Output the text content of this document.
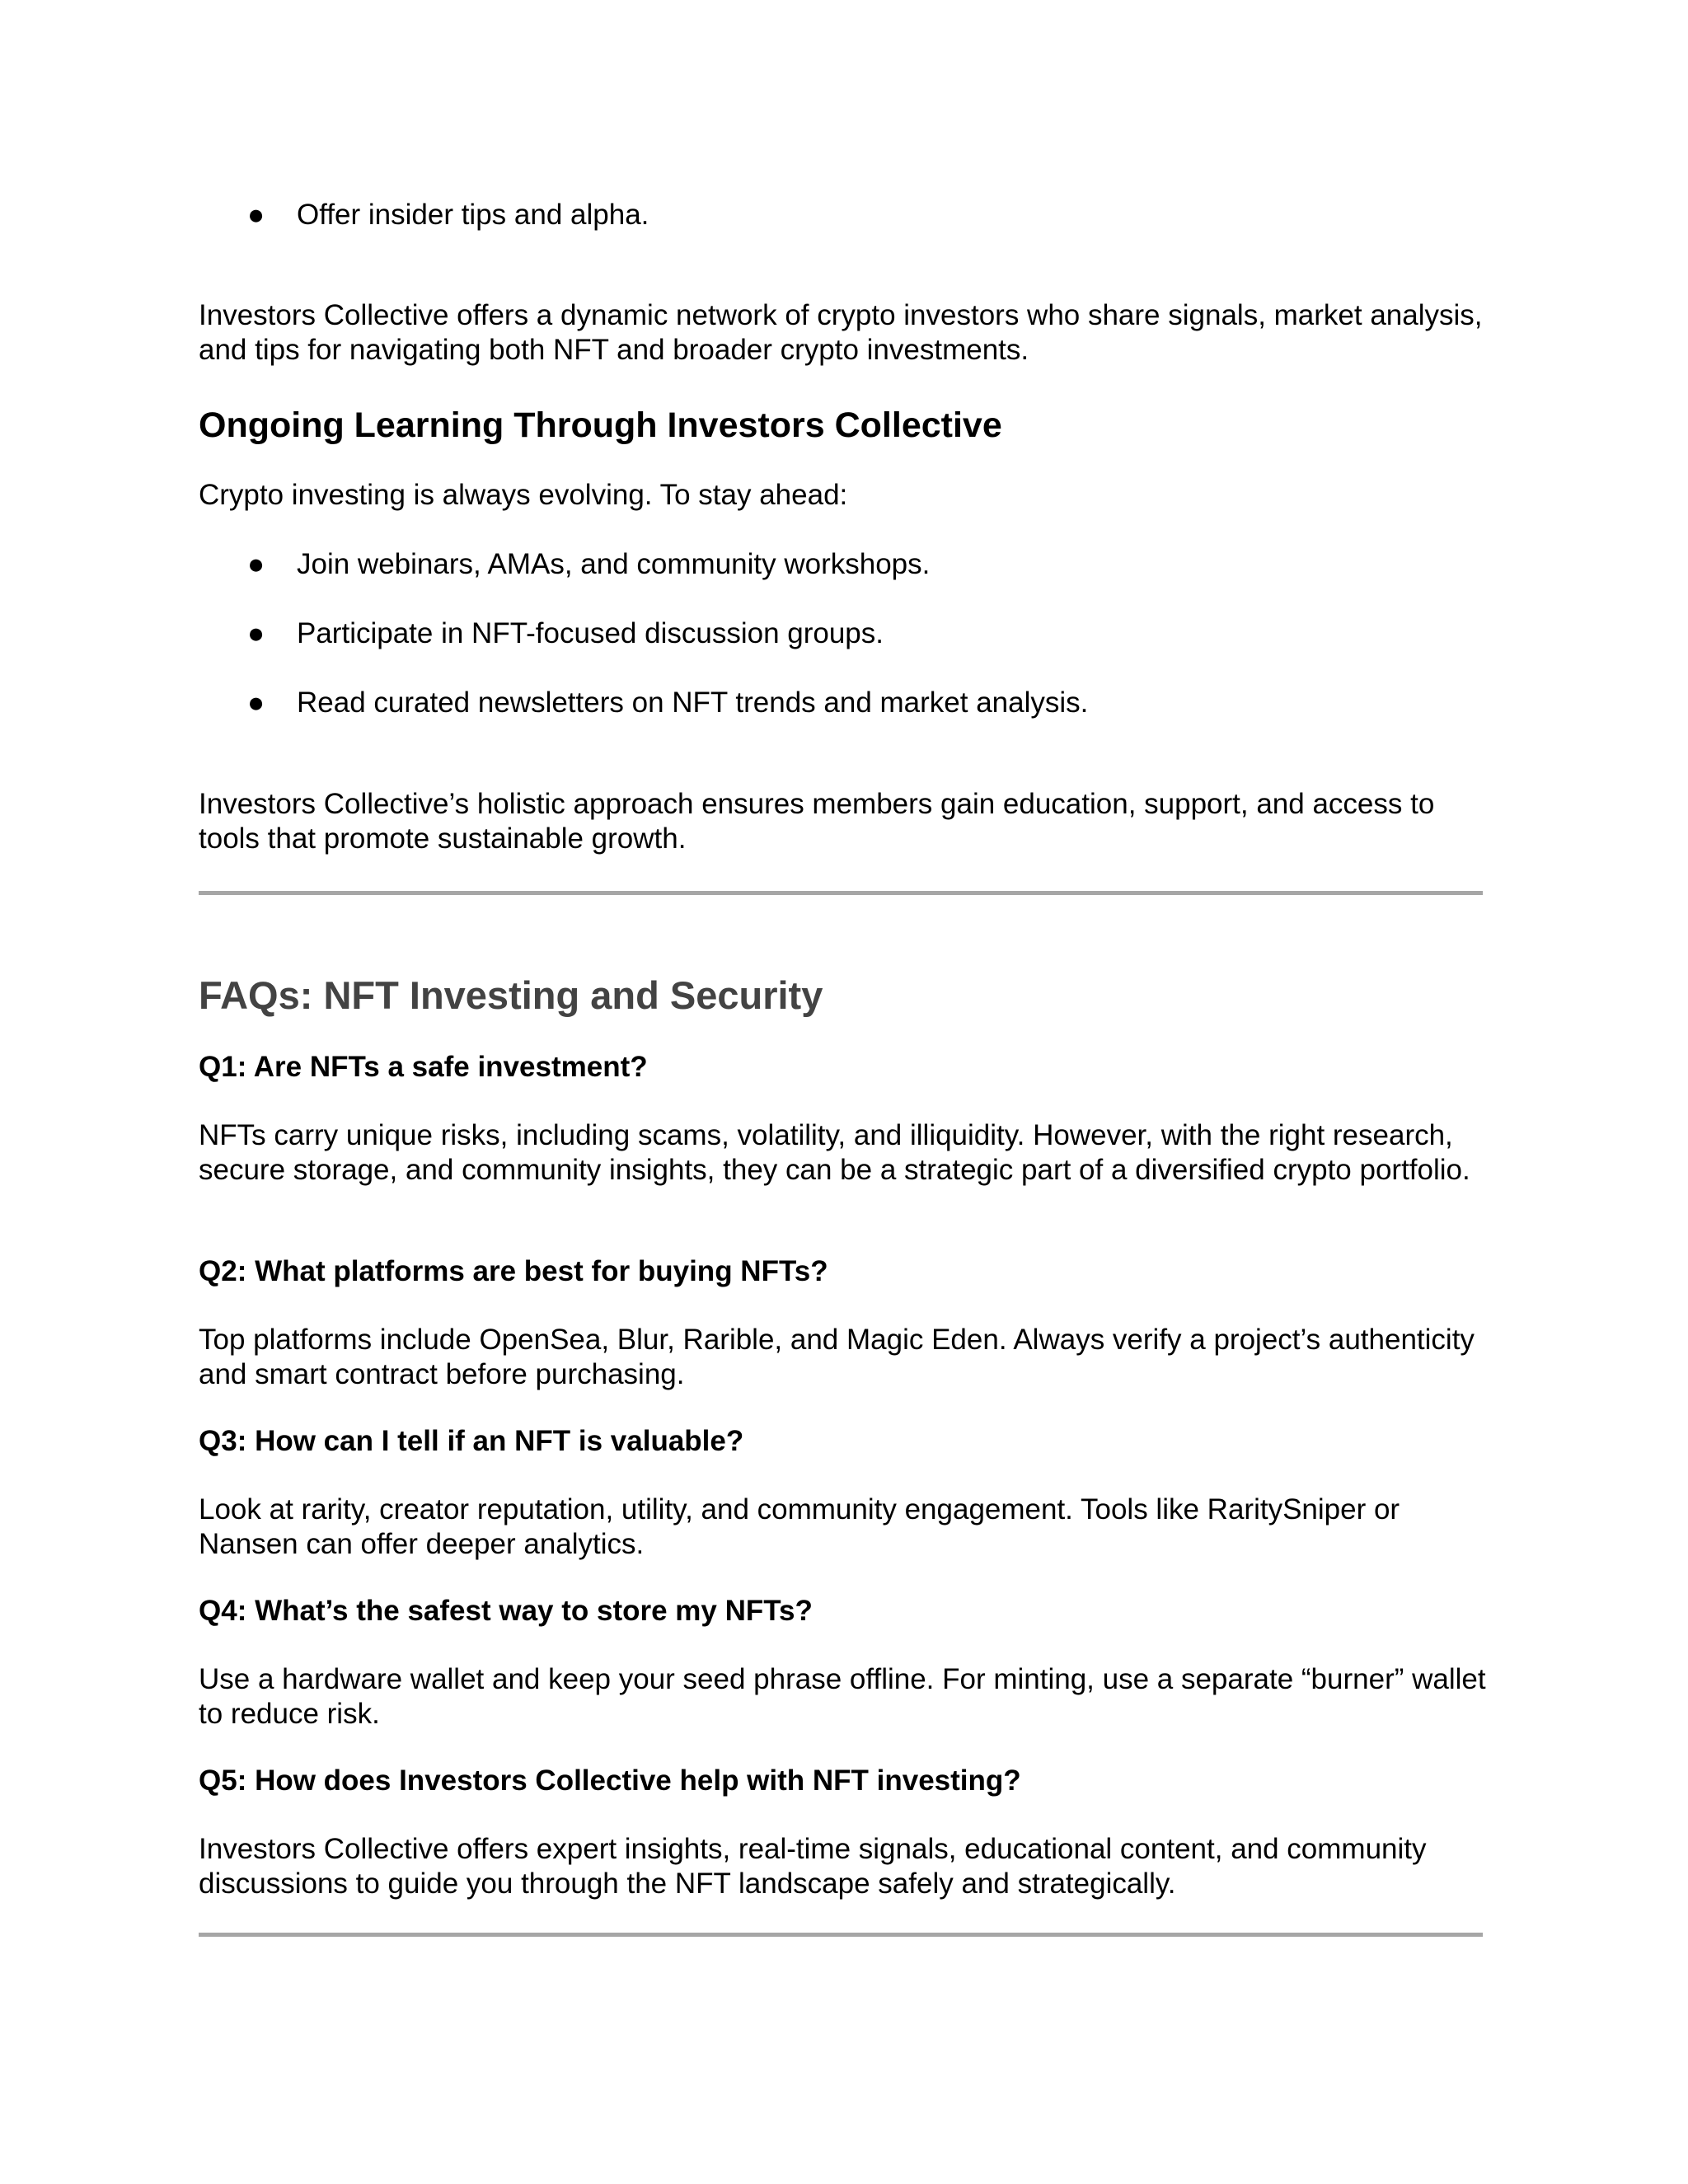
●	Offer insider tips and alpha.
Investors Collective offers a dynamic network of crypto investors who share signals, market analysis, and tips for navigating both NFT and broader crypto investments.
Ongoing Learning Through Investors Collective
Crypto investing is always evolving. To stay ahead:
●	Join webinars, AMAs, and community workshops.
●	Participate in NFT-focused discussion groups.
●	Read curated newsletters on NFT trends and market analysis.
Investors Collective’s holistic approach ensures members gain education, support, and access to tools that promote sustainable growth.
FAQs: NFT Investing and Security
Q1: Are NFTs a safe investment?
NFTs carry unique risks, including scams, volatility, and illiquidity. However, with the right research, secure storage, and community insights, they can be a strategic part of a diversified crypto portfolio.
Q2: What platforms are best for buying NFTs?
Top platforms include OpenSea, Blur, Rarible, and Magic Eden. Always verify a project’s authenticity and smart contract before purchasing.
Q3: How can I tell if an NFT is valuable?
Look at rarity, creator reputation, utility, and community engagement. Tools like RaritySniper or Nansen can offer deeper analytics.
Q4: What’s the safest way to store my NFTs?
Use a hardware wallet and keep your seed phrase offline. For minting, use a separate “burner” wallet to reduce risk.
Q5: How does Investors Collective help with NFT investing?
Investors Collective offers expert insights, real-time signals, educational content, and community discussions to guide you through the NFT landscape safely and strategically.
